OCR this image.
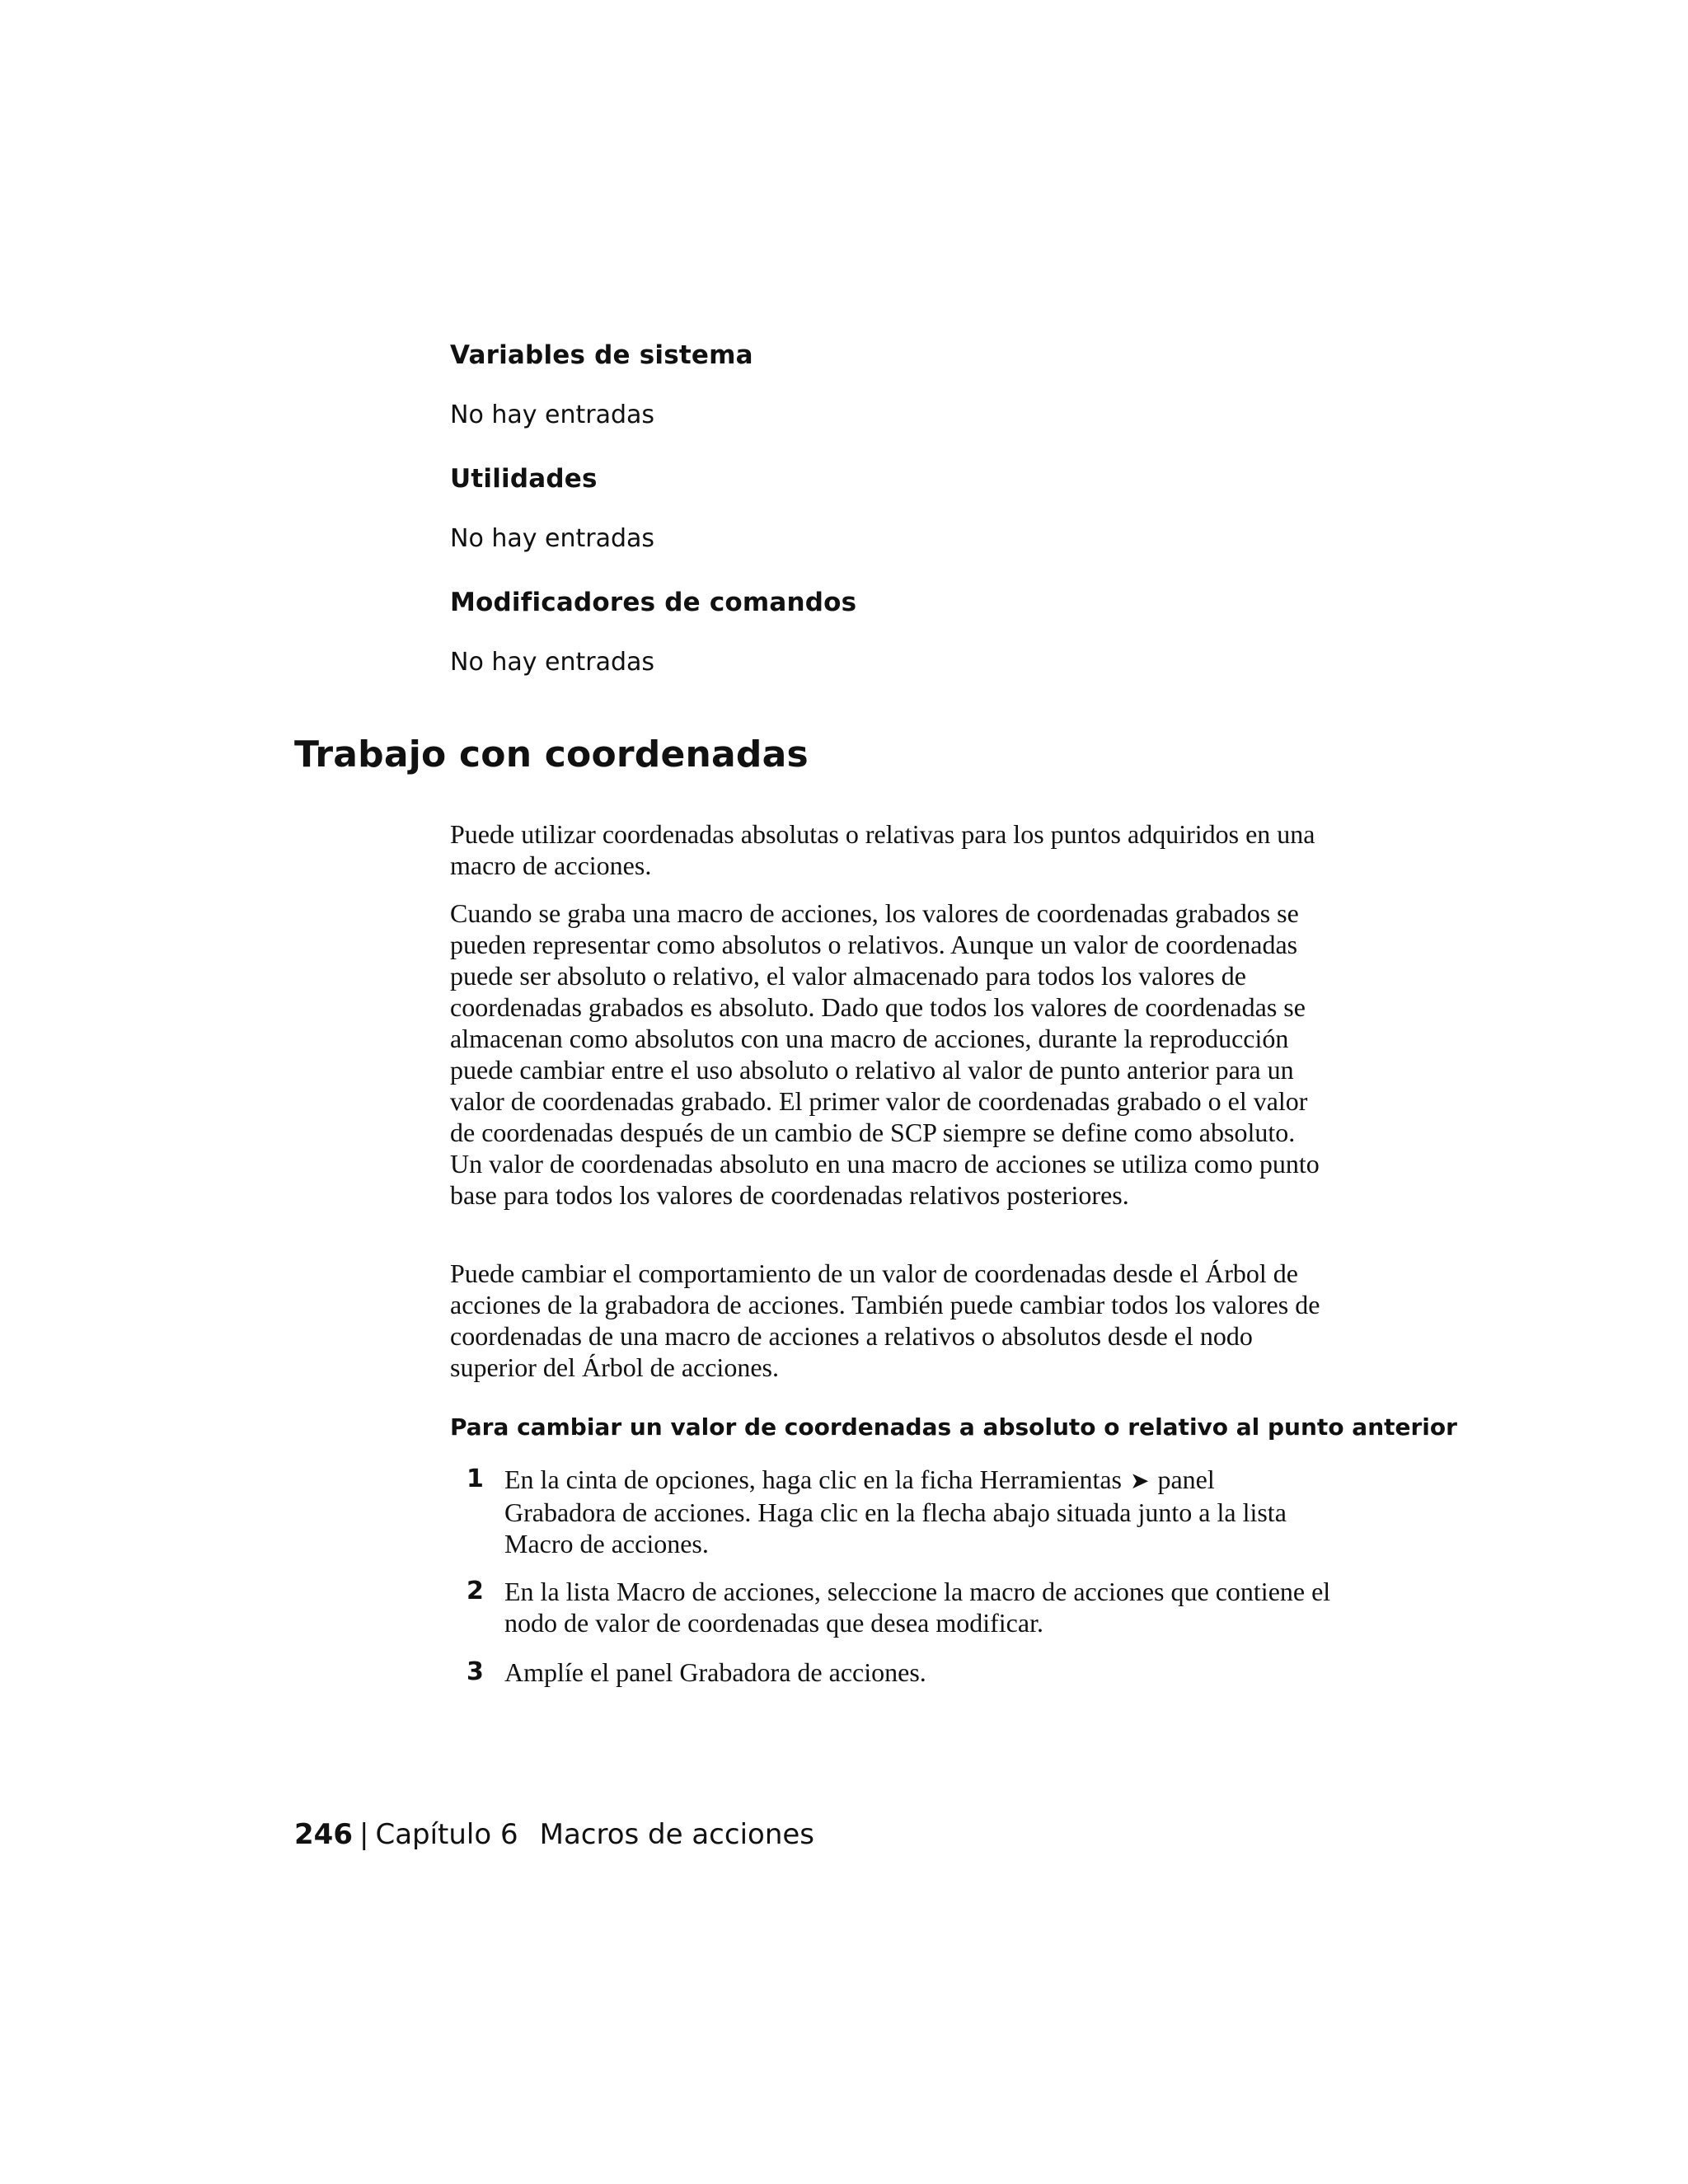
Variables de sistema

No hay entradas

Utilidades

No hay entradas

Modificadores de comandos

No hay entradas

Trabajo con coordenadas

Puede utilizar coordenadas absolutas o relativas para los puntos adquiridos en una macro de acciones.

Cuando se graba una macro de acciones, los valores de coordenadas grabados se pueden representar como absolutos o relativos. Aunque un valor de coordenadas puede ser absoluto o relativo, el valor almacenado para todos los valores de coordenadas grabados es absoluto. Dado que todos los valores de coordenadas se almacenan como absolutos con una macro de acciones, durante la reproducción puede cambiar entre el uso absoluto o relativo al valor de punto anterior para un valor de coordenadas grabado. El primer valor de coordenadas grabado o el valor de coordenadas después de un cambio de SCP siempre se define como absoluto. Un valor de coordenadas absoluto en una macro de acciones se utiliza como punto base para todos los valores de coordenadas relativos posteriores.

Puede cambiar el comportamiento de un valor de coordenadas desde el Árbol de acciones de la grabadora de acciones. También puede cambiar todos los valores de coordenadas de una macro de acciones a relativos o absolutos desde el nodo superior del Árbol de acciones.

Para cambiar un valor de coordenadas a absoluto o relativo al punto anterior
1 En la cinta de opciones, haga clic en la ficha Herramientas ➤ panel Grabadora de acciones. Haga clic en la flecha abajo situada junto a la lista Macro de acciones.
2 En la lista Macro de acciones, seleccione la macro de acciones que contiene el nodo de valor de coordenadas que desea modificar.
3 Amplíe el panel Grabadora de acciones.

246 | Capítulo 6 Macros de acciones
